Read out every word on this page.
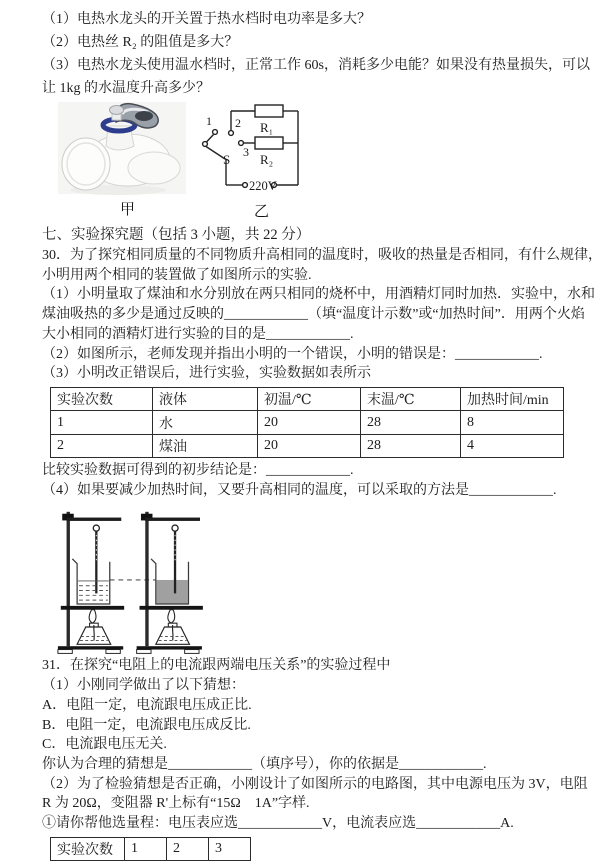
（1）电热水龙头的开关置于热水档时电功率是多大？
（2）电热丝 R₂ 的阻值是多大？
（3）电热水龙头使用温水档时，正常工作 60s，消耗多少电能？如果没有热量损失，可以
让 1kg 的水温度升高多少？
甲
1 2
3
S
R₁
R₂
220V
乙
七、实验探究题（包括 3 小题，共 22 分）
30．为了探究相同质量的不同物质升高相同的温度时，吸收的热量是否相同，有什么规律，
小明用两个相同的装置做了如图所示的实验.
（1）小明量取了煤油和水分别放在两只相同的烧杯中，用酒精灯同时加热．实验中，水和
煤油吸热的多少是通过反映的____________（填“温度计示数”或“加热时间”．用两个火焰
大小相同的酒精灯进行实验的目的是____________.
（2）如图所示，老师发现并指出小明的一个错误，小明的错误是：____________.
（3）小明改正错误后，进行实验，实验数据如表所示
实验次数	液体	初温/℃	末温/℃	加热时间/min
1	水	20	28	8
2	煤油	20	28	4
比较实验数据可得到的初步结论是：____________.
（4）如果要减少加热时间，又要升高相同的温度，可以采取的方法是____________.
31．在探究“电阻上的电流跟两端电压关系”的实验过程中
（1）小刚同学做出了以下猜想：
A．电阻一定，电流跟电压成正比.
B．电阻一定，电流跟电压成反比.
C．电流跟电压无关.
你认为合理的猜想是____________（填序号），你的依据是____________.
（2）为了检验猜想是否正确，小刚设计了如图所示的电路图，其中电源电压为 3V，电阻
R 为 20Ω，变阻器 R'上标有“15Ω　1A”字样.
①请你帮他选量程：电压表应选____________V，电流表应选____________A.
实验次数	1	2	3
